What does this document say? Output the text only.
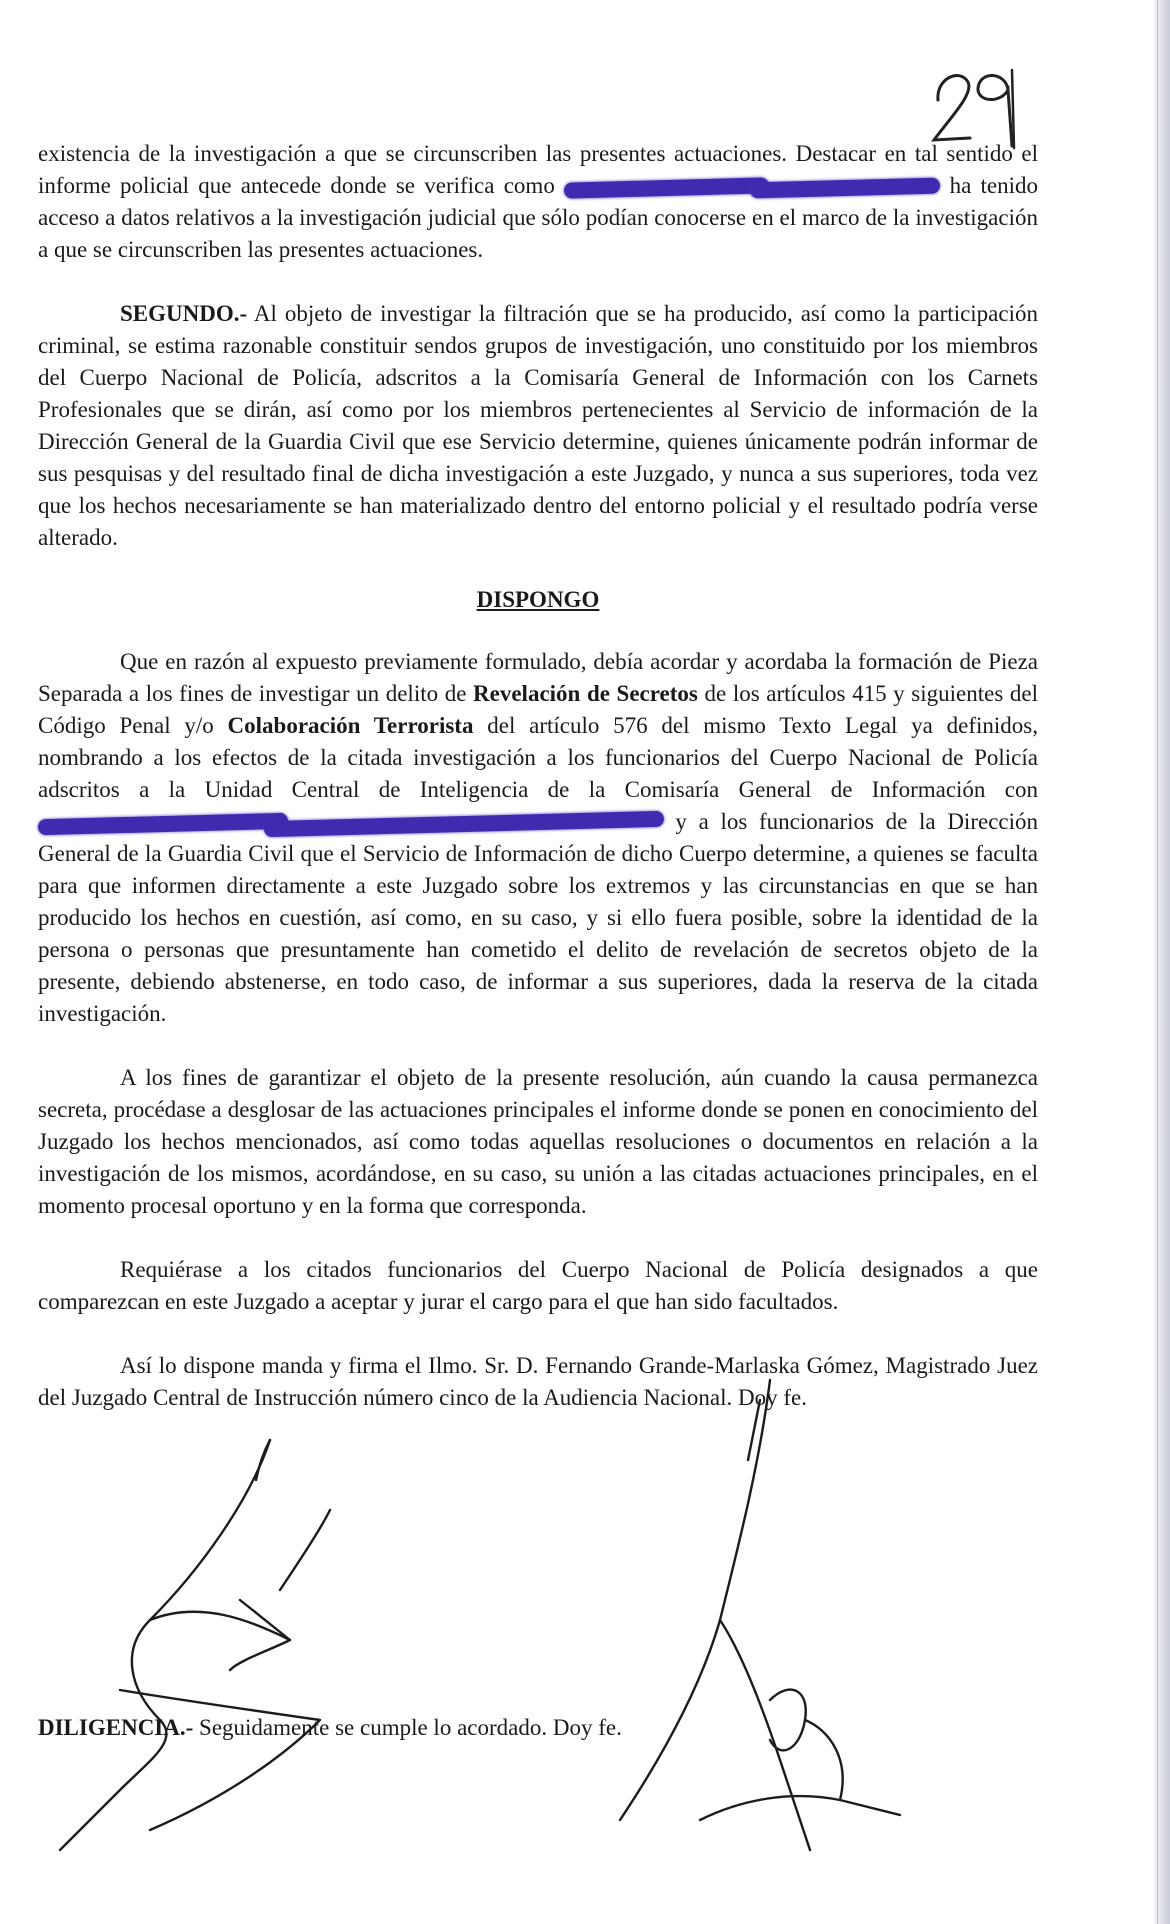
existencia de la investigación a que se circunscriben las presentes actuaciones. Destacar en tal sentido el informe policial que antecede donde se verifica como	ha tenido acceso a datos relativos a la investigación judicial que sólo podían conocerse en el marco de la investigación a que se circunscriben las presentes actuaciones.

SEGUNDO.- Al objeto de investigar la filtración que se ha producido, así como la participación criminal, se estima razonable constituir sendos grupos de investigación, uno constituido por los miembros del Cuerpo Nacional de Policía, adscritos a la Comisaría General de Información con los Carnets Profesionales que se dirán, así como por los miembros pertenecientes al Servicio de información de la Dirección General de la Guardia Civil que ese Servicio determine, quienes únicamente podrán informar de sus pesquisas y del resultado final de dicha investigación a este Juzgado, y nunca a sus superiores, toda vez que los hechos necesariamente se han materializado dentro del entorno policial y el resultado podría verse alterado.

DISPONGO

Que en razón al expuesto previamente formulado, debía acordar y acordaba la formación de Pieza Separada a los fines de investigar un delito de Revelación de Secretos de los artículos 415 y siguientes del Código Penal y/o Colaboración Terrorista del artículo 576 del mismo Texto Legal ya definidos, nombrando a los efectos de la citada investigación a los funcionarios del Cuerpo Nacional de Policía adscritos a la Unidad Central de Inteligencia de la Comisaría General de Información con   y a los funcionarios de la Dirección General de la Guardia Civil que el Servicio de Información de dicho Cuerpo determine, a quienes se faculta para que informen directamente a este Juzgado sobre los extremos y las circunstancias en que se han producido los hechos en cuestión, así como, en su caso, y si ello fuera posible, sobre la identidad de la persona o personas que presuntamente han cometido el delito de revelación de secretos objeto de la presente, debiendo abstenerse, en todo caso, de informar a sus superiores, dada la reserva de la citada investigación.

A los fines de garantizar el objeto de la presente resolución, aún cuando la causa permanezca secreta, procédase a desglosar de las actuaciones principales el informe donde se ponen en conocimiento del Juzgado los hechos mencionados, así como todas aquellas resoluciones o documentos en relación a la investigación de los mismos, acordándose, en su caso, su unión a las citadas actuaciones principales, en el momento procesal oportuno y en la forma que corresponda.

Requiérase a los citados funcionarios del Cuerpo Nacional de Policía designados a que comparezcan en este Juzgado a aceptar y jurar el cargo para el que han sido facultados.

Así lo dispone manda y firma el Ilmo. Sr. D. Fernando Grande-Marlaska Gómez, Magistrado Juez del Juzgado Central de Instrucción número cinco de la Audiencia Nacional. Doy fe.

DILIGENCIA.- Seguidamente se cumple lo acordado. Doy fe.
